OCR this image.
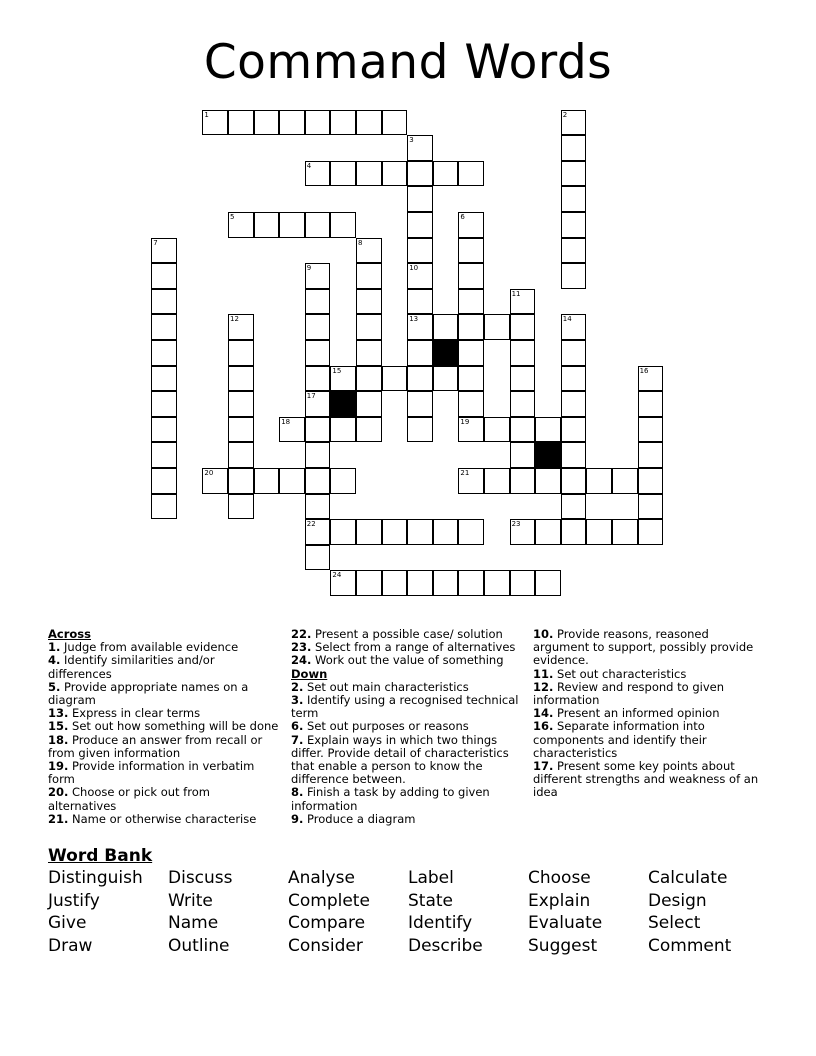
Command Words
1	2
3
4
5	6
19
7	8
9	10
13
11
12	14
15	16
17
22
18
20	21
23
24
Across
1. Judge from available evidence
4. Identify similarities and/or differences
5. Provide appropriate names on a diagram
13. Express in clear terms
15. Set out how something will be done
18. Produce an answer from recall or from given information
19. Provide information in verbatim form
20. Choose or pick out from alternatives
21. Name or otherwise characterise
22. Present a possible case/ solution
23. Select from a range of alternatives
24. Work out the value of something
Down
2. Set out main characteristics
3. Identify using a recognised technical term
6. Set out purposes or reasons
7. Explain ways in which two things differ. Provide detail of characteristics that enable a person to know the difference between.
8. Finish a task by adding to given information
9. Produce a diagram
10. Provide reasons, reasoned argument to support, possibly provide evidence.
11. Set out characteristics
12. Review and respond to given information
14. Present an informed opinion
16. Separate information into components and identify their characteristics
17. Present some key points about different strengths and weakness of an idea
Word Bank
Distinguish	Discuss	Analyse	Label	Choose	Calculate
Justify	Write	Complete	State	Explain	Design
Give	Name	Compare	Identify	Evaluate	Select
Draw	Outline	Consider	Describe	Suggest	Comment
